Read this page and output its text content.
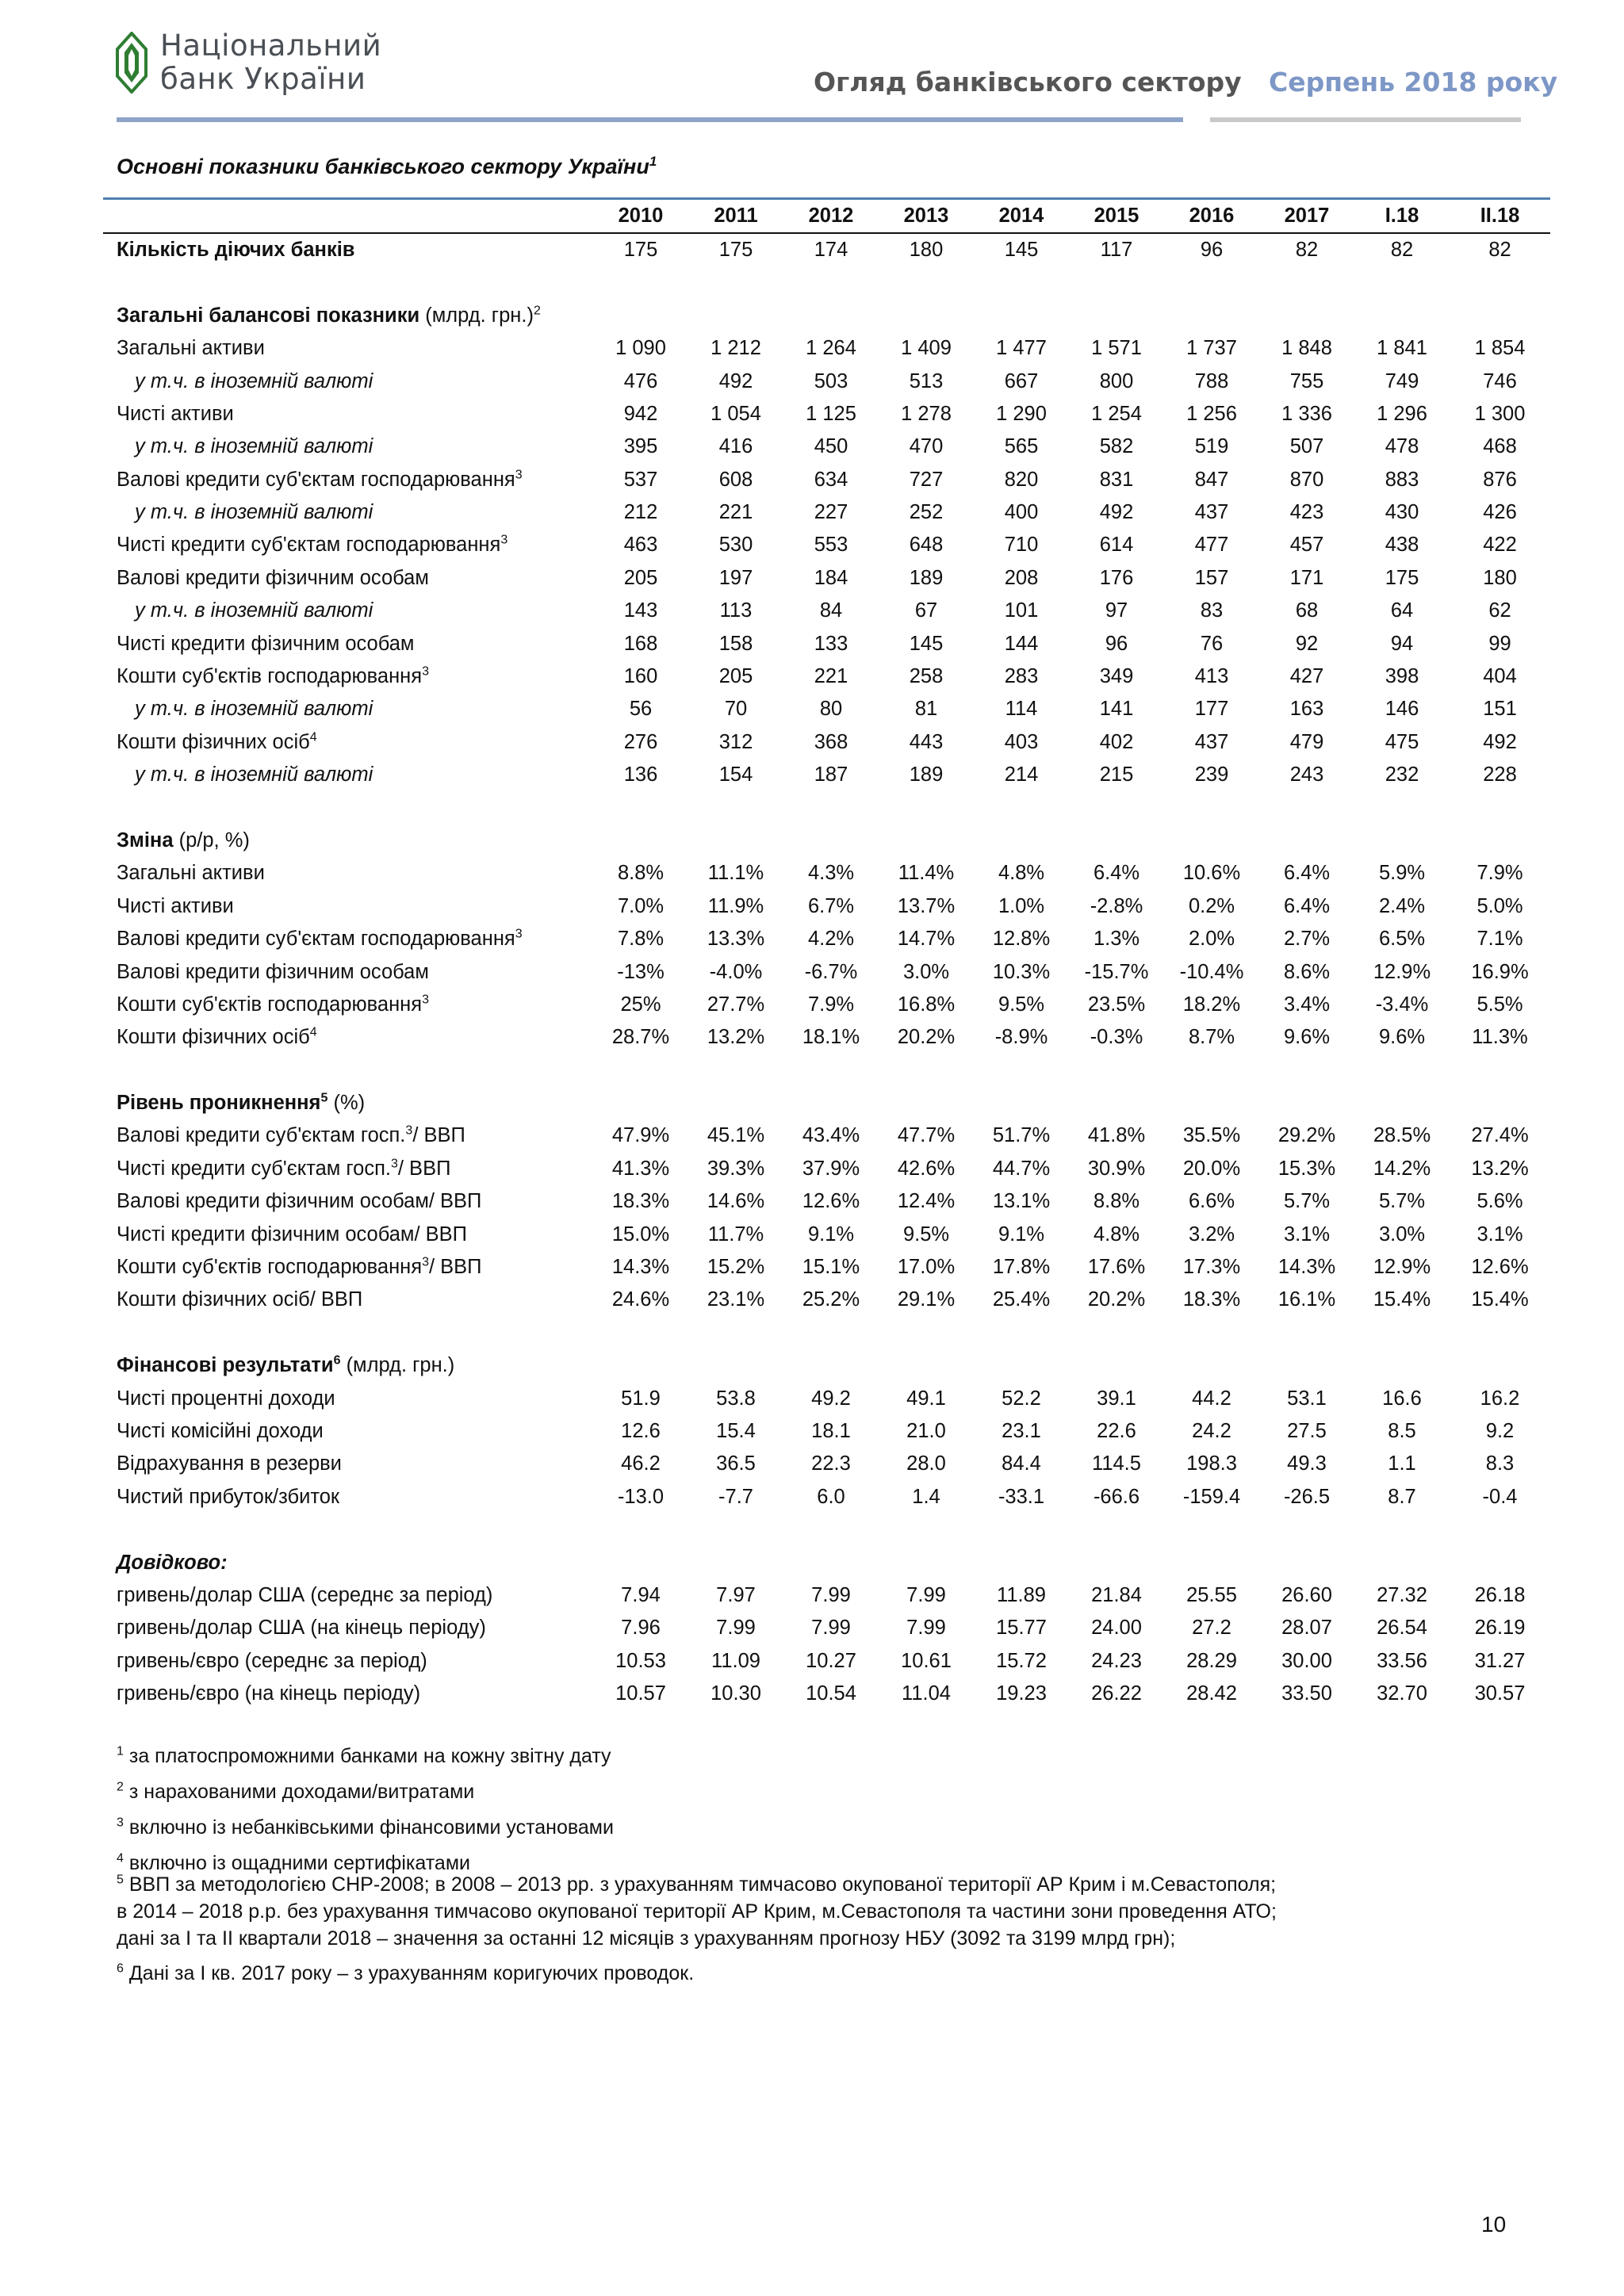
Національний
банк України	Огляд банківського сектору Серпень 2018 року
Основні показники банківського сектору України$^1$
	2010	2011	2012	2013	2014	2015	2016	2017	I.18	II.18
Кількість діючих банків	175	175	174	180	145	117	96	82	82	82

Загальні балансові показники (млрд. грн.)$^2$
Загальні активи	1 090	1 212	1 264	1 409	1 477	1 571	1 737	1 848	1 841	1 854
у т.ч. в іноземній валюті	476	492	503	513	667	800	788	755	749	746
Чисті активи	942	1 054	1 125	1 278	1 290	1 254	1 256	1 336	1 296	1 300
у т.ч. в іноземній валюті	395	416	450	470	565	582	519	507	478	468
Валові кредити суб'єктам господарювання$^3$	537	608	634	727	820	831	847	870	883	876
у т.ч. в іноземній валюті	212	221	227	252	400	492	437	423	430	426
Чисті кредити суб'єктам господарювання$^3$	463	530	553	648	710	614	477	457	438	422
Валові кредити фізичним особам	205	197	184	189	208	176	157	171	175	180
у т.ч. в іноземній валюті	143	113	84	67	101	97	83	68	64	62
Чисті кредити фізичним особам	168	158	133	145	144	96	76	92	94	99
Кошти суб'єктів господарювання$^3$	160	205	221	258	283	349	413	427	398	404
у т.ч. в іноземній валюті	56	70	80	81	114	141	177	163	146	151
Кошти фізичних осіб$^4$	276	312	368	443	403	402	437	479	475	492
у т.ч. в іноземній валюті	136	154	187	189	214	215	239	243	232	228

Зміна (р/р, %)										
Загальні активи	8.8%	11.1%	4.3%	11.4%	4.8%	6.4%	10.6%	6.4%	5.9%	7.9%
Чисті активи	7.0%	11.9%	6.7%	13.7%	1.0%	-2.8%	0.2%	6.4%	2.4%	5.0%
Валові кредити суб'єктам господарювання$^3$	7.8%	13.3%	4.2%	14.7%	12.8%	1.3%	2.0%	2.7%	6.5%	7.1%
Валові кредити фізичним особам	-13%	-4.0%	-6.7%	3.0%	10.3%	-15.7%	-10.4%	8.6%	12.9%	16.9%
Кошти суб'єктів господарювання$^3$	25%	27.7%	7.9%	16.8%	9.5%	23.5%	18.2%	3.4%	-3.4%	5.5%
Кошти фізичних осіб$^4$	28.7%	13.2%	18.1%	20.2%	-8.9%	-0.3%	8.7%	9.6%	9.6%	11.3%

Рівень проникнення$^5$ (%)										
Валові кредити суб'єктам госп.$^3$/ ВВП	47.9%	45.1%	43.4%	47.7%	51.7%	41.8%	35.5%	29.2%	28.5%	27.4%
Чисті кредити суб'єктам госп.$^3$/ ВВП	41.3%	39.3%	37.9%	42.6%	44.7%	30.9%	20.0%	15.3%	14.2%	13.2%
Валові кредити фізичним особам/ ВВП	18.3%	14.6%	12.6%	12.4%	13.1%	8.8%	6.6%	5.7%	5.7%	5.6%
Чисті кредити фізичним особам/ ВВП	15.0%	11.7%	9.1%	9.5%	9.1%	4.8%	3.2%	3.1%	3.0%	3.1%
Кошти суб'єктів господарювання$^3$/ ВВП	14.3%	15.2%	15.1%	17.0%	17.8%	17.6%	17.3%	14.3%	12.9%	12.6%
Кошти фізичних осіб/ ВВП	24.6%	23.1%	25.2%	29.1%	25.4%	20.2%	18.3%	16.1%	15.4%	15.4%

Фінансові результати$^6$ (млрд. грн.)										
Чисті процентні доходи	51.9	53.8	49.2	49.1	52.2	39.1	44.2	53.1	16.6	16.2
Чисті комісійні доходи	12.6	15.4	18.1	21.0	23.1	22.6	24.2	27.5	8.5	9.2
Відрахування в резерви	46.2	36.5	22.3	28.0	84.4	114.5	198.3	49.3	1.1	8.3
Чистий прибуток/збиток	-13.0	-7.7	6.0	1.4	-33.1	-66.6	-159.4	-26.5	8.7	-0.4

Довідково:										
гривень/долар США (середнє за період)	7.94	7.97	7.99	7.99	11.89	21.84	25.55	26.60	27.32	26.18
гривень/долар США (на кінець періоду)	7.96	7.99	7.99	7.99	15.77	24.00	27.2	28.07	26.54	26.19
гривень/євро (середнє за період)	10.53	11.09	10.27	10.61	15.72	24.23	28.29	30.00	33.56	31.27
гривень/євро (на кінець періоду)	10.57	10.30	10.54	11.04	19.23	26.22	28.42	33.50	32.70	30.57
$^1$ за платоспроможними банками на кожну звітну дату
$^2$ з нарахованими доходами/витратами
$^3$ включно із небанківськими фінансовими установами
$^4$ включно із ощадними сертифікатами
$^5$ ВВП за методологією СНР-2008; в 2008 – 2013 рр. з урахуванням тимчасово окупованої території АР Крим і м.Севастополя;
в 2014 – 2018 р.р. без урахування тимчасово окупованої території АР Крим, м.Севастополя та частини зони проведення АТО;
дані за I та II квартали 2018 – значення за останні 12 місяців з урахуванням прогнозу НБУ (3092 та 3199 млрд грн);
$^6$ Дані за I кв. 2017 року – з урахуванням коригуючих проводок.
10
